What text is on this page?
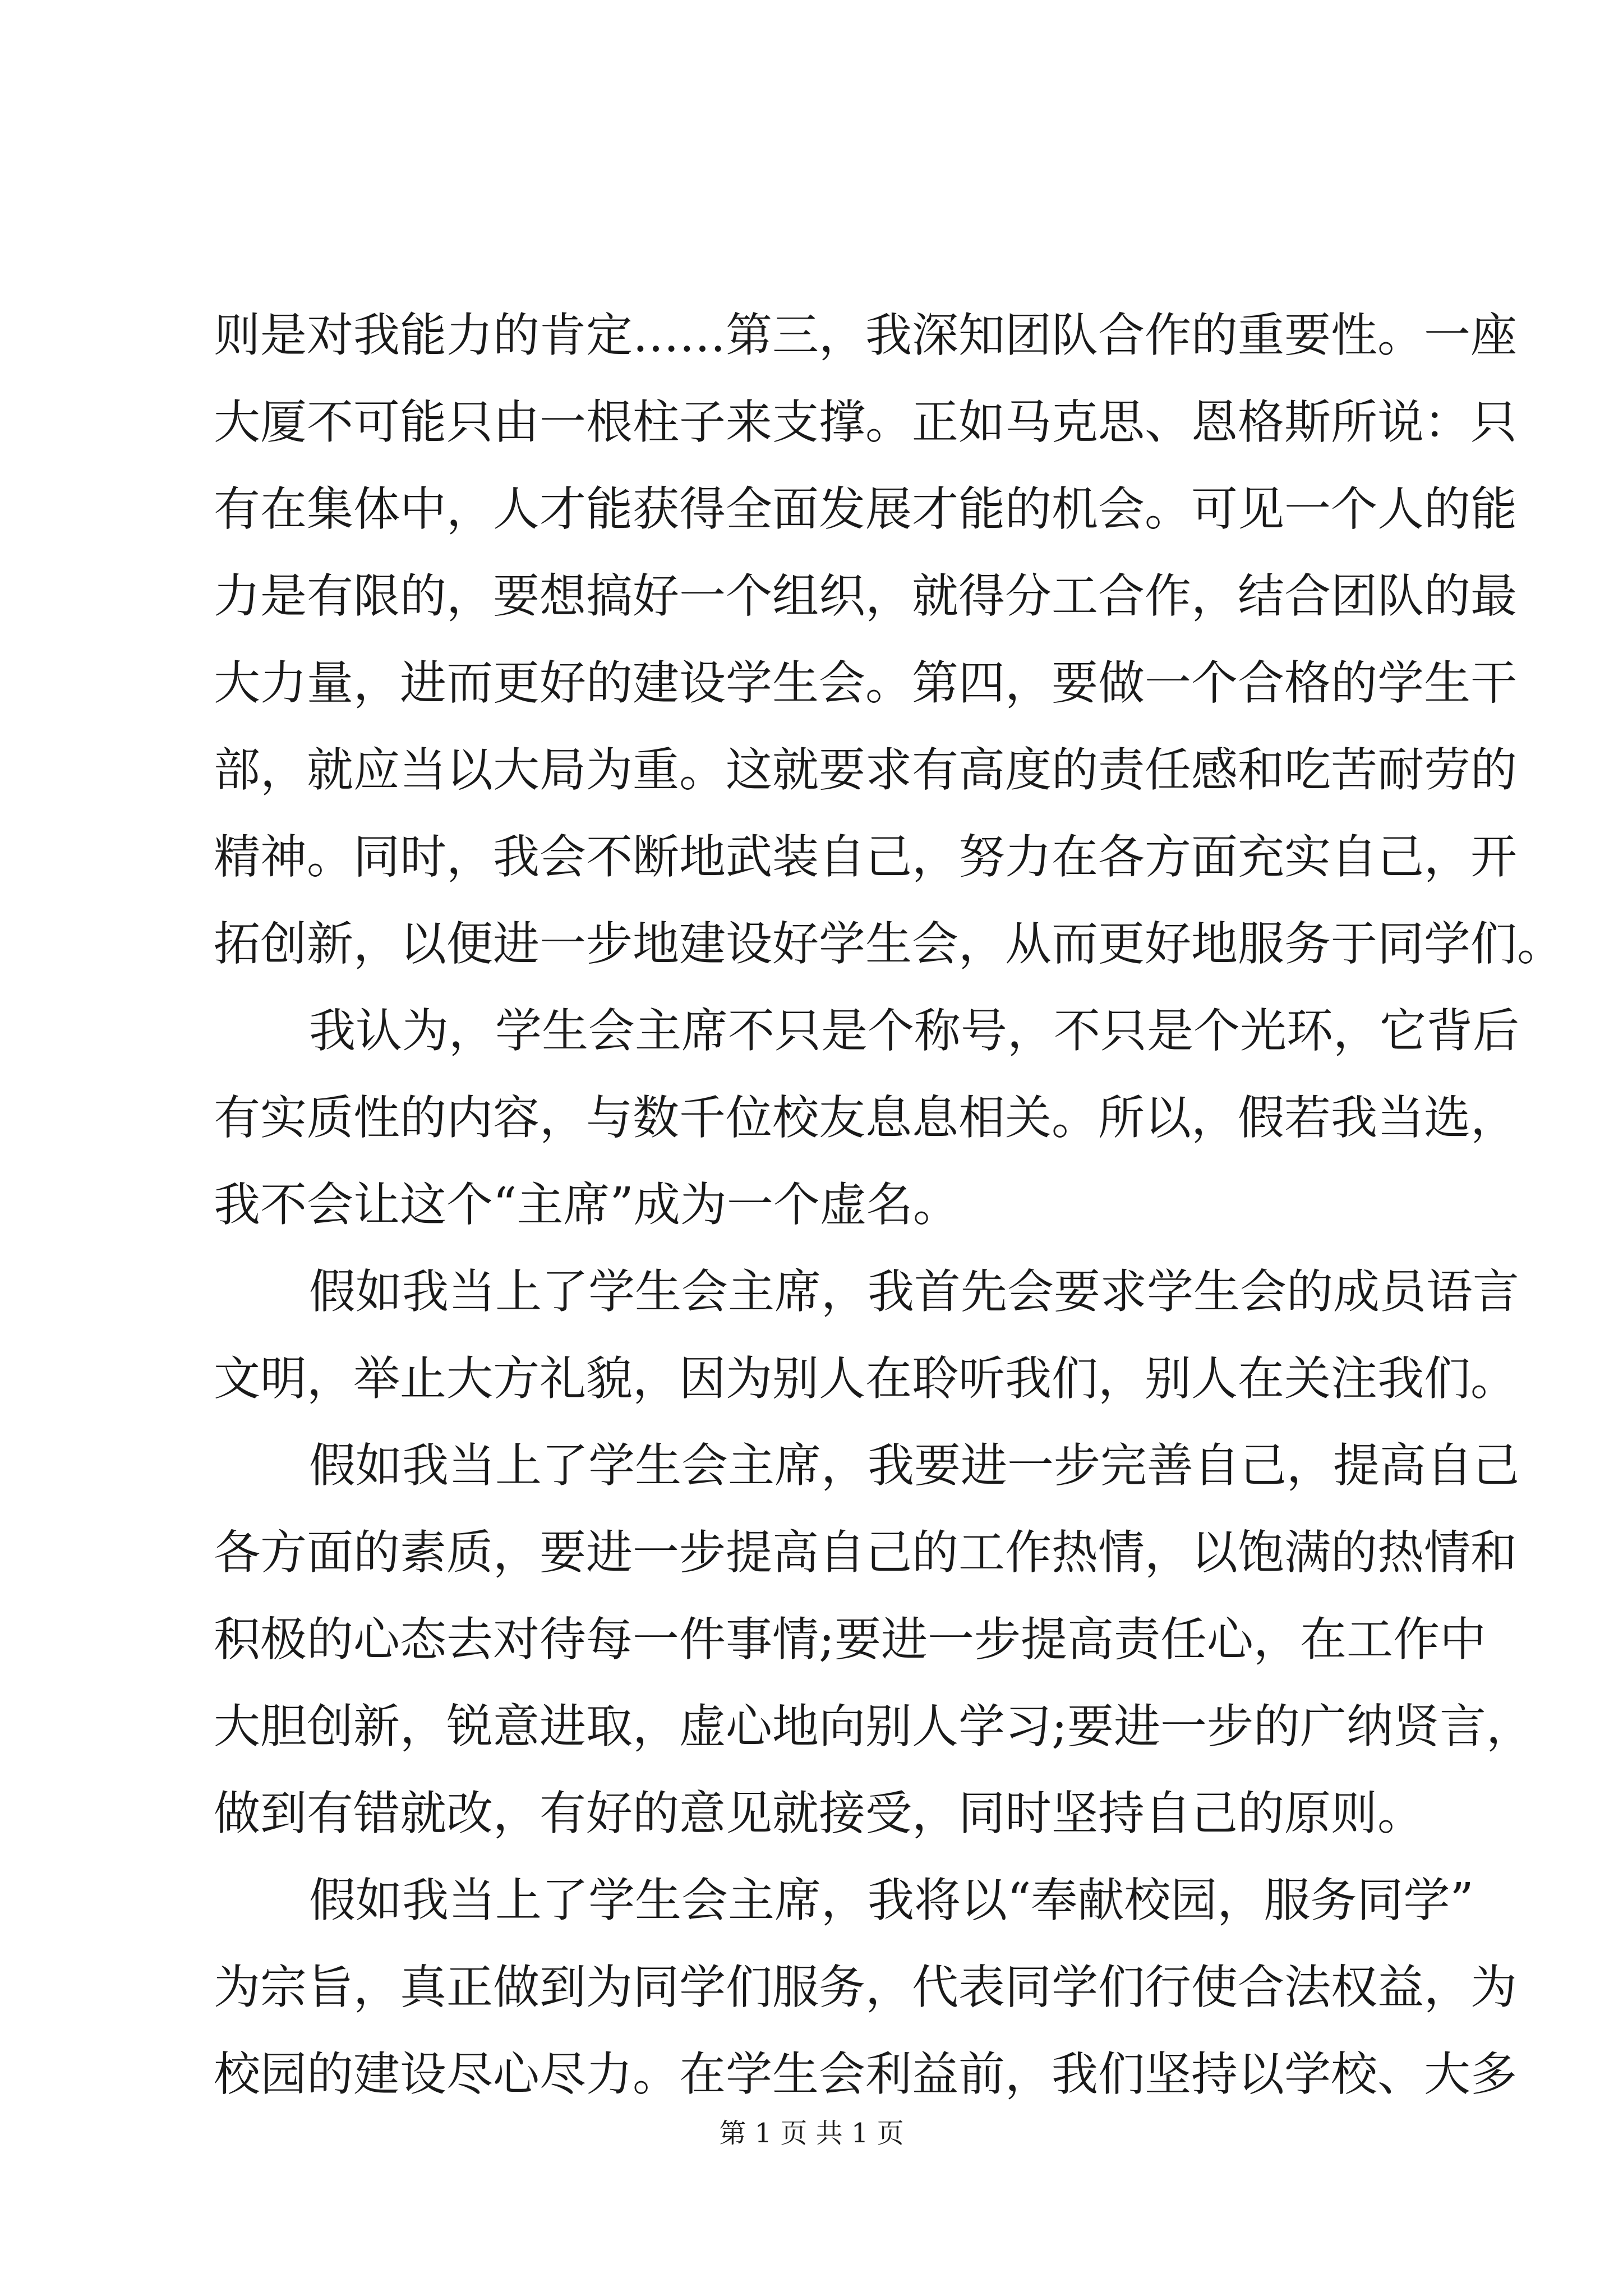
则是对我能力的肯定……第三，我深知团队合作的重要性。一座
大厦不可能只由一根柱子来支撑。正如马克思、恩格斯所说：只
有在集体中，人才能获得全面发展才能的机会。可见一个人的能
力是有限的，要想搞好一个组织，就得分工合作，结合团队的最
大力量，进而更好的建设学生会。第四，要做一个合格的学生干
部，就应当以大局为重。这就要求有高度的责任感和吃苦耐劳的
精神。同时，我会不断地武装自己，努力在各方面充实自己，开
拓创新，以便进一步地建设好学生会，从而更好地服务于同学们。
我认为，学生会主席不只是个称号，不只是个光环，它背后
有实质性的内容，与数千位校友息息相关。所以，假若我当选，
我不会让这个“主席”成为一个虚名。
假如我当上了学生会主席，我首先会要求学生会的成员语言
文明，举止大方礼貌，因为别人在聆听我们，别人在关注我们。
假如我当上了学生会主席，我要进一步完善自己，提高自己
各方面的素质，要进一步提高自己的工作热情，以饱满的热情和
积极的心态去对待每一件事情;要进一步提高责任心，在工作中
大胆创新，锐意进取，虚心地向别人学习;要进一步的广纳贤言，
做到有错就改，有好的意见就接受，同时坚持自己的原则。
假如我当上了学生会主席，我将以“奉献校园，服务同学”
为宗旨，真正做到为同学们服务，代表同学们行使合法权益，为
校园的建设尽心尽力。在学生会利益前，我们坚持以学校、大多
第 1 页 共 1 页
